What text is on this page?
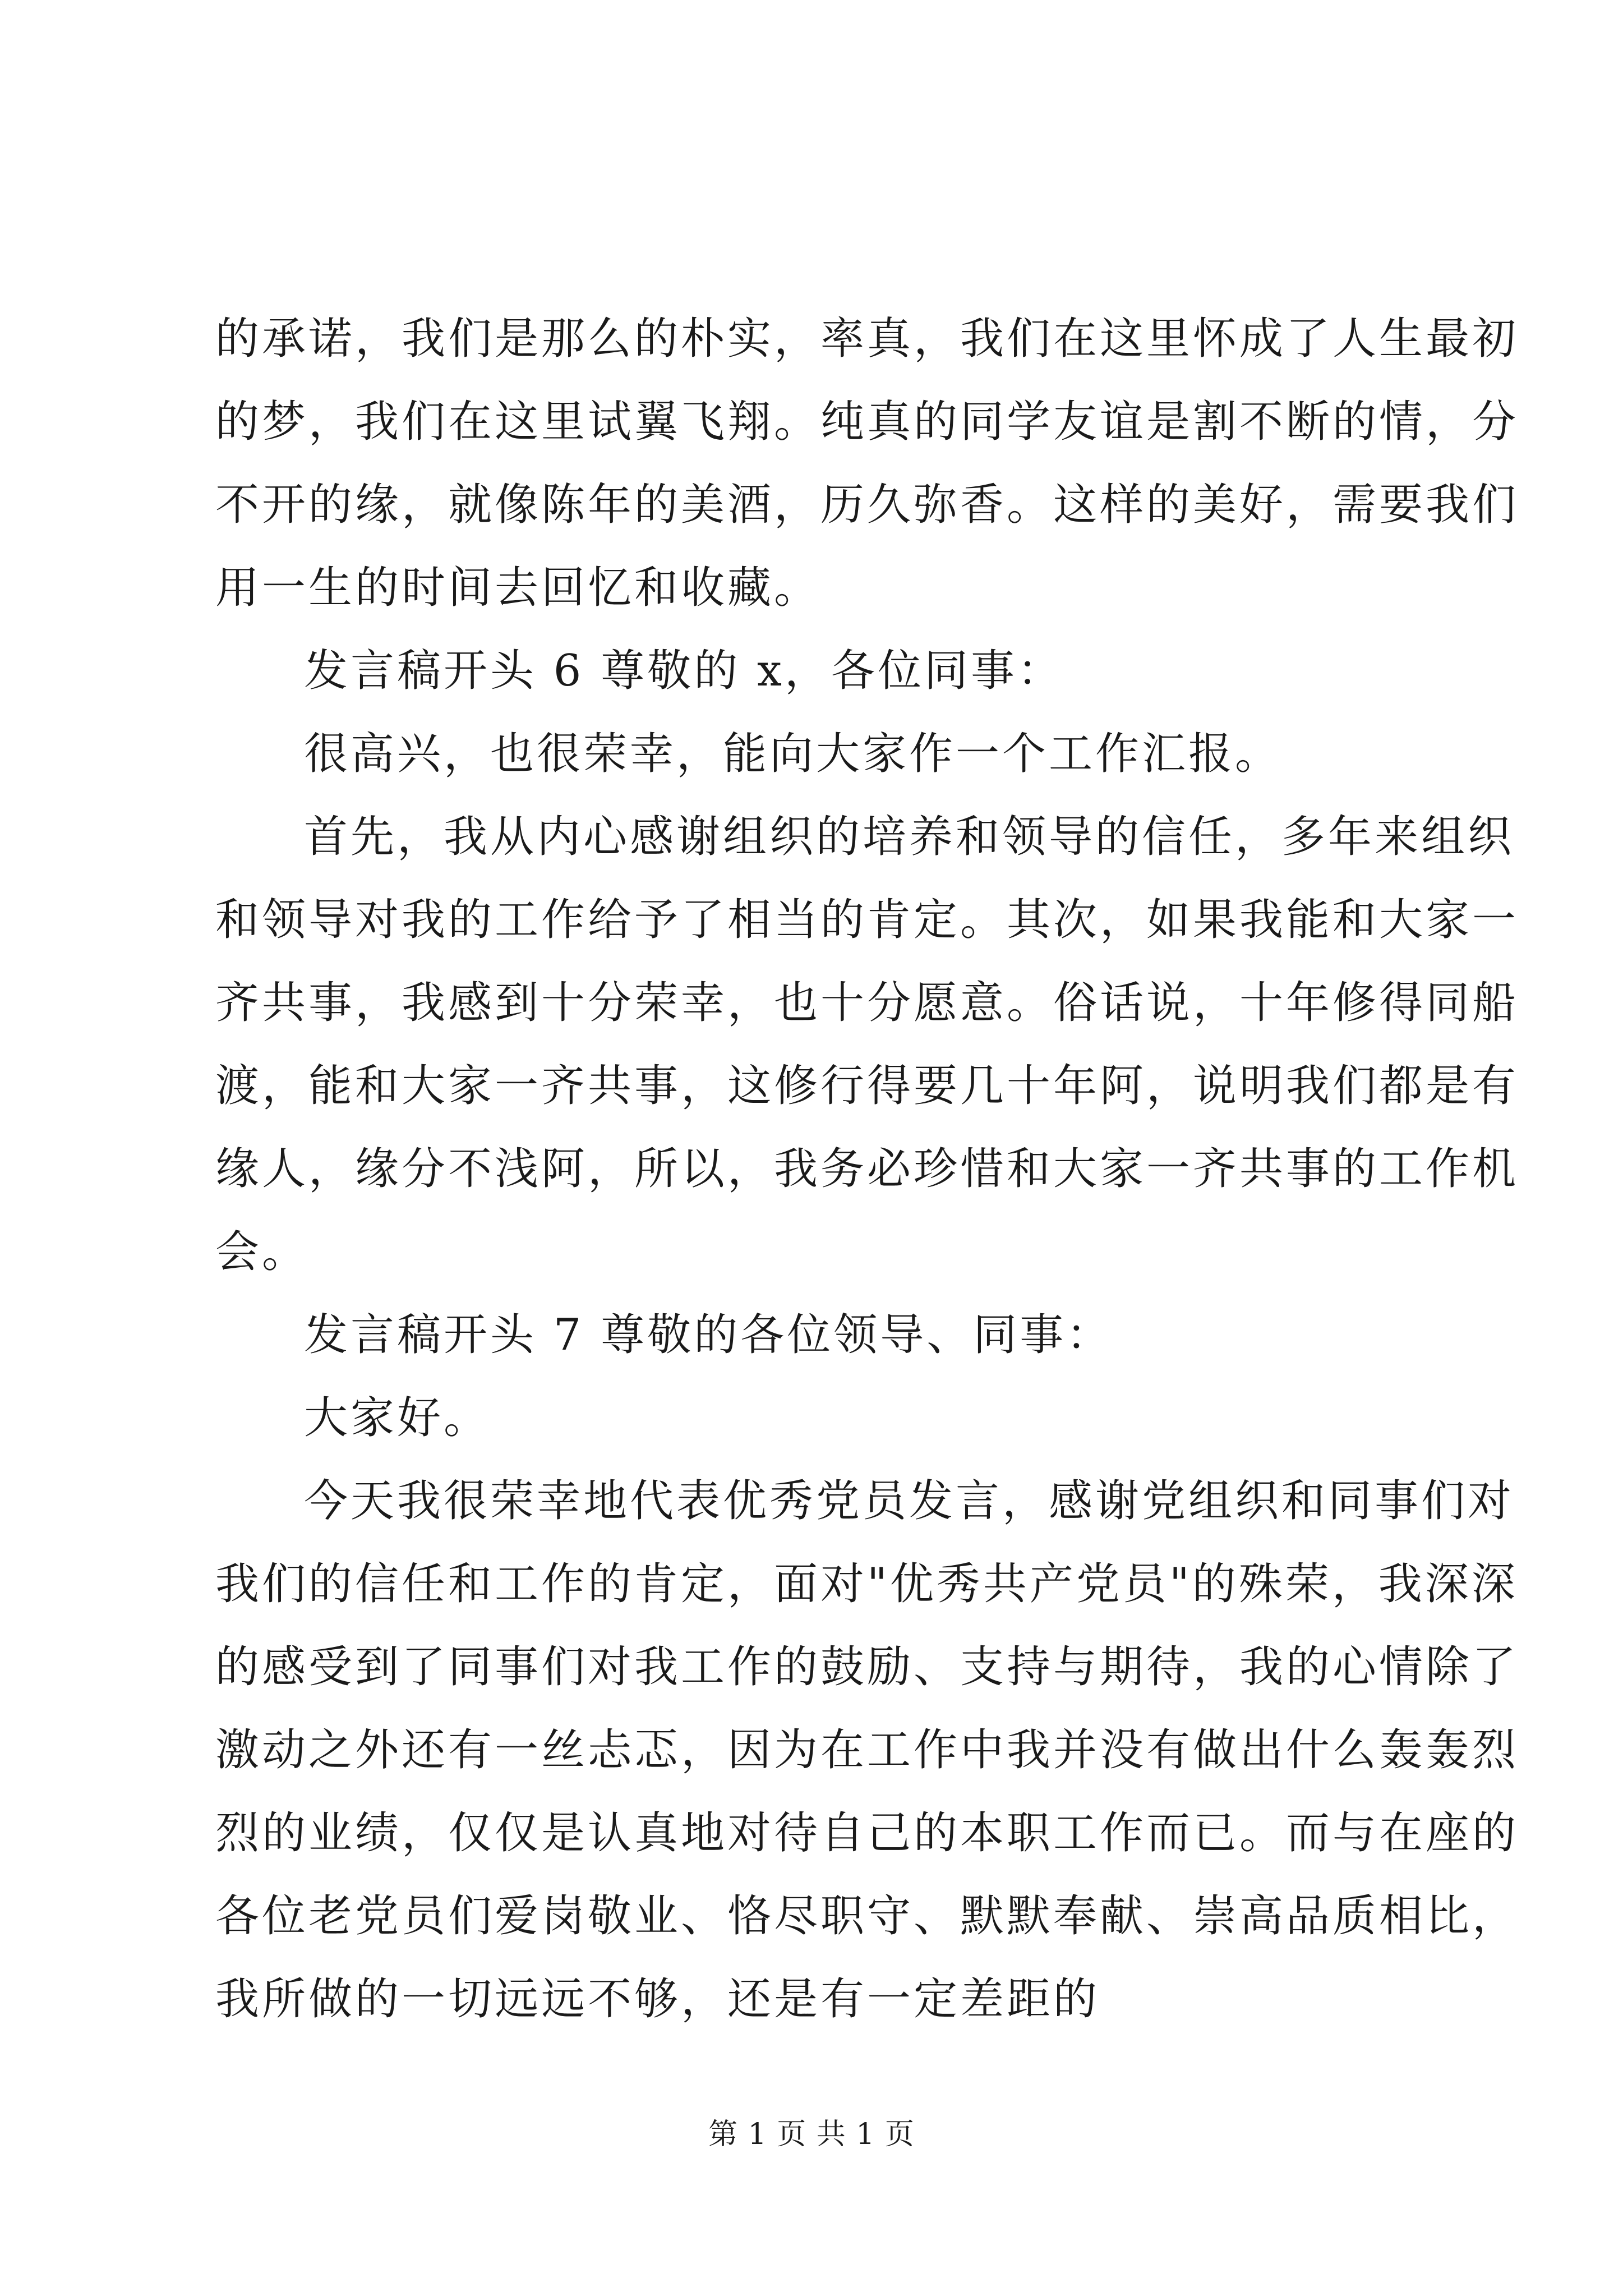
的承诺，我们是那么的朴实，率真，我们在这里怀成了人生最初
的梦，我们在这里试翼飞翔。纯真的同学友谊是割不断的情，分
不开的缘，就像陈年的美酒，历久弥香。这样的美好，需要我们
用一生的时间去回忆和收藏。
发言稿开头 6 尊敬的 x，各位同事：
很高兴，也很荣幸，能向大家作一个工作汇报。
首先，我从内心感谢组织的培养和领导的信任，多年来组织
和领导对我的工作给予了相当的肯定。其次，如果我能和大家一
齐共事，我感到十分荣幸，也十分愿意。俗话说，十年修得同船
渡，能和大家一齐共事，这修行得要几十年阿，说明我们都是有
缘人，缘分不浅阿，所以，我务必珍惜和大家一齐共事的工作机
会。
发言稿开头 7 尊敬的各位领导、同事：
大家好。
今天我很荣幸地代表优秀党员发言，感谢党组织和同事们对
我们的信任和工作的肯定，面对"优秀共产党员"的殊荣，我深深
的感受到了同事们对我工作的鼓励、支持与期待，我的心情除了
激动之外还有一丝忐忑，因为在工作中我并没有做出什么轰轰烈
烈的业绩，仅仅是认真地对待自己的本职工作而已。而与在座的
各位老党员们爱岗敬业、恪尽职守、默默奉献、崇高品质相比，
我所做的一切远远不够，还是有一定差距的
第 1 页 共 1 页
